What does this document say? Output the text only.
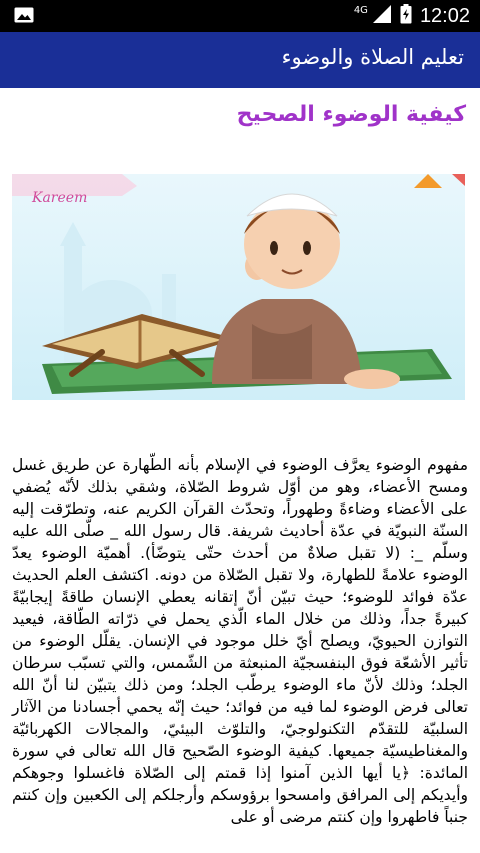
4G	12:02
تعليم الصلاة والوضوء
كيفية الوضوء الصحيح
Kareem

مفهوم الوضوء يعرَّف الوضوء في الإسلام بأنه الطّهارة عن طريق غسل ومسح الأعضاء، وهو من أوّل شروط الصّلاة، وشقي بذلك لأنّه يُضفي على الأعضاء وضاءةً وطهوراً، وتحدّث القرآن الكريم عنه، وتطرّقت إليه السنّة النبويّة في عدّة أحاديث شريفة. قال رسول الله _ صلّى الله عليه وسلّم _: (لا تقبل صلاةٌ من أحدث حتّى يتوضّأ). أهميّة الوضوء يعدّ الوضوء علامةً للطهارة، ولا تقبل الصّلاة من دونه. اكتشف العلم الحديث عدّة فوائد للوضوء؛ حيث تبيّن أنّ إتقانه يعطي الإنسان طاقةً إيجابيّةً كبيرةً جداً، وذلك من خلال الماء الّذي يحمل في ذرّاته الطّاقة، فيعيد التوازن الحيويّ، ويصلح أيّ خلل موجود في الإنسان. يقلّل الوضوء من تأثير الأشعّة فوق البنفسجيّة المنبعثة من الشّمس، والتي تسبّب سرطان الجلد؛ وذلك لأنّ ماء الوضوء يرطّب الجلد؛ ومن ذلك يتبيّن لنا أنّ الله تعالى فرض الوضوء لما فيه من فوائد؛ حيث إنّه يحمي أجسادنا من الآثار السلبيّة للتقدّم التكنولوجيّ، والتلوّث البيئيّ، والمجالات الكهربائيّة والمغناطيسيّة جميعها. كيفية الوضوء الصّحيح قال الله تعالى في سورة المائدة: ﴿يا أيها الذين آمنوا إذا قمتم إلى الصّلاة فاغسلوا وجوهكم وأيديكم إلى المرافق وامسحوا برؤوسكم وأرجلكم إلى الكعبين وإن كنتم جنباً فاطهروا وإن كنتم مرضى أو على
